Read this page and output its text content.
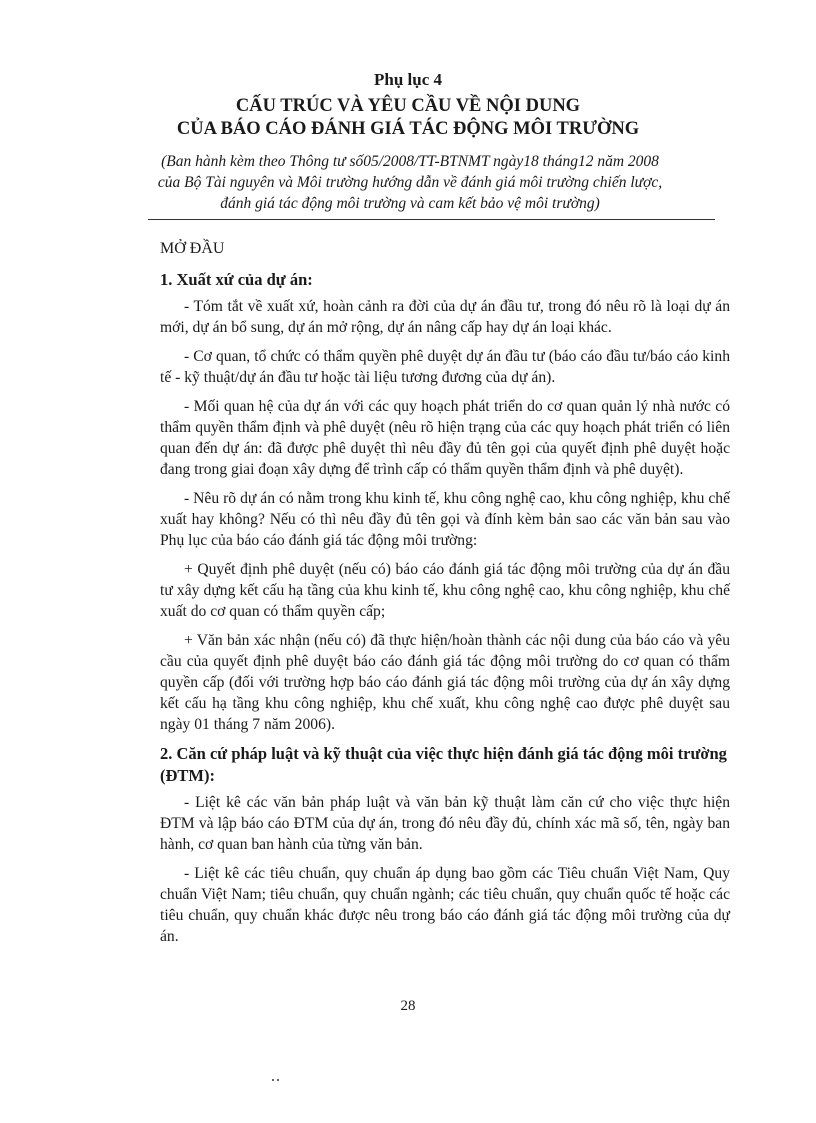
Phụ lục 4
CẤU TRÚC VÀ YÊU CẦU VỀ NỘI DUNG
CỦA BÁO CÁO ĐÁNH GIÁ TÁC ĐỘNG MÔI TRƯỜNG
(Ban hành kèm theo Thông tư số05/2008/TT-BTNMT ngày18 tháng12 năm 2008
của Bộ Tài nguyên và Môi trường hướng dẫn về đánh giá môi trường chiến lược,
đánh giá tác động môi trường và cam kết bảo vệ môi trường)
MỞ ĐẦU
1. Xuất xứ của dự án:

- Tóm tắt về xuất xứ, hoàn cảnh ra đời của dự án đầu tư, trong đó nêu rõ là loại dự án mới, dự án bổ sung, dự án mở rộng, dự án nâng cấp hay dự án loại khác.

- Cơ quan, tổ chức có thẩm quyền phê duyệt dự án đầu tư (báo cáo đầu tư/báo cáo kinh tế - kỹ thuật/dự án đầu tư hoặc tài liệu tương đương của dự án).

- Mối quan hệ của dự án với các quy hoạch phát triển do cơ quan quản lý nhà nước có thẩm quyền thẩm định và phê duyệt (nêu rõ hiện trạng của các quy hoạch phát triển có liên quan đến dự án: đã được phê duyệt thì nêu đầy đủ tên gọi của quyết định phê duyệt hoặc đang trong giai đoạn xây dựng để trình cấp có thẩm quyền thẩm định và phê duyệt).

- Nêu rõ dự án có nằm trong khu kinh tế, khu công nghệ cao, khu công nghiệp, khu chế xuất hay không? Nếu có thì nêu đầy đủ tên gọi và đính kèm bản sao các văn bản sau vào Phụ lục của báo cáo đánh giá tác động môi trường:

+ Quyết định phê duyệt (nếu có) báo cáo đánh giá tác động môi trường của dự án đầu tư xây dựng kết cấu hạ tầng của khu kinh tế, khu công nghệ cao, khu công nghiệp, khu chế xuất do cơ quan có thẩm quyền cấp;

+ Văn bản xác nhận (nếu có) đã thực hiện/hoàn thành các nội dung của báo cáo và yêu cầu của quyết định phê duyệt báo cáo đánh giá tác động môi trường do cơ quan có thẩm quyền cấp (đối với trường hợp báo cáo đánh giá tác động môi trường của dự án xây dựng kết cấu hạ tầng khu công nghiệp, khu chế xuất, khu công nghệ cao được phê duyệt sau ngày 01 tháng 7 năm 2006).

2. Căn cứ pháp luật và kỹ thuật của việc thực hiện đánh giá tác động môi trường (ĐTM):

- Liệt kê các văn bản pháp luật và văn bản kỹ thuật làm căn cứ cho việc thực hiện ĐTM và lập báo cáo ĐTM của dự án, trong đó nêu đầy đủ, chính xác mã số, tên, ngày ban hành, cơ quan ban hành của từng văn bản.

- Liệt kê các tiêu chuẩn, quy chuẩn áp dụng bao gồm các Tiêu chuẩn Việt Nam, Quy chuẩn Việt Nam; tiêu chuẩn, quy chuẩn ngành; các tiêu chuẩn, quy chuẩn quốc tế hoặc các tiêu chuẩn, quy chuẩn khác được nêu trong báo cáo đánh giá tác động môi trường của dự án.

28
